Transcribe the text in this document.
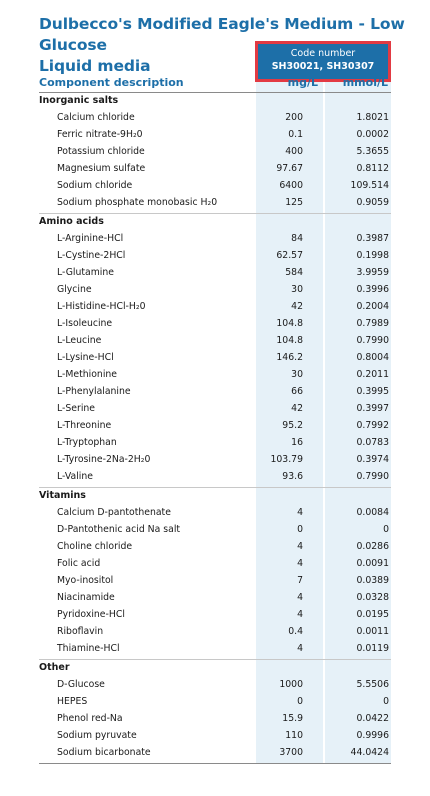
Dulbecco's Modified Eagle's Medium - Low Glucose
Liquid media
Code number
SH30021, SH30307
Component description	mg/L mmol/L
Inorganic salts
Calcium chloride	200	1.8021
Ferric nitrate-9H₂0	0.1	0.0002
Potassium chloride	400	5.3655
Magnesium sulfate	97.67	0.8112
Sodium chloride	6400	109.514
Sodium phosphate monobasic H₂0	125	0.9059
Amino acids
L-Arginine-HCl	84	0.3987
L-Cystine-2HCl	62.57	0.1998
L-Glutamine	584	3.9959
Glycine	30	0.3996
L-Histidine-HCl-H₂0	42	0.2004
L-Isoleucine	104.8	0.7989
L-Leucine	104.8	0.7990
L-Lysine-HCl	146.2	0.8004
L-Methionine	30	0.2011
L-Phenylalanine	66	0.3995
L-Serine	42	0.3997
L-Threonine	95.2	0.7992
L-Tryptophan	16	0.0783
L-Tyrosine-2Na-2H₂0	103.79	0.3974
L-Valine	93.6	0.7990
Vitamins
Calcium D-pantothenate	4	0.0084
D-Pantothenic acid Na salt	0	0
Choline chloride	4	0.0286
Folic acid	4	0.0091
Myo-inositol	7	0.0389
Niacinamide	4	0.0328
Pyridoxine-HCl	4	0.0195
Riboflavin	0.4	0.0011
Thiamine-HCl	4	0.0119
Other
D-Glucose	1000	5.5506
HEPES	0	0
Phenol red-Na	15.9	0.0422
Sodium pyruvate	110	0.9996
Sodium bicarbonate	3700	44.0424
